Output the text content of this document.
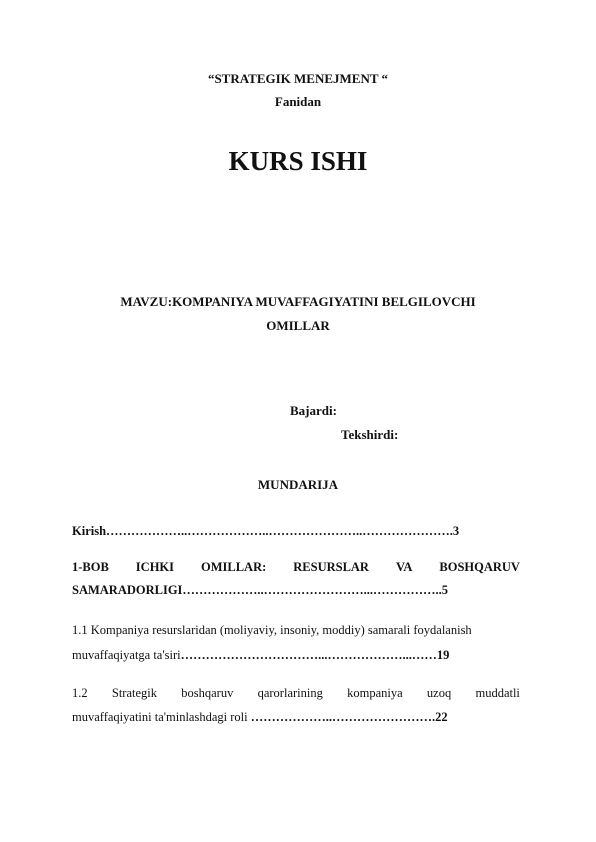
“STRATEGIK MENEJMENT “
Fanidan
KURS ISHI
MAVZU:KOMPANIYA MUVAFFAGIYATINI BELGILOVCHI
OMILLAR
Bajardi:
Tekshirdi:
MUNDARIJA
Kirish………………..………………..…………………..………………….3
1-BOB ICHKI OMILLAR: RESURSLAR VA BOSHQARUV
SAMARADORLIGI………………..……………………...……………..5
1.1 Kompaniya resurslaridan (moliyaviy, insoniy, moddiy) samarali foydalanish
muvaffaqiyatga ta'siri……………………………...………………...……19
1.2 Strategik boshqaruv qarorlarining kompaniya uzoq muddatli
muvaffaqiyatini ta'minlashdagi roli ………………..…………………….22
